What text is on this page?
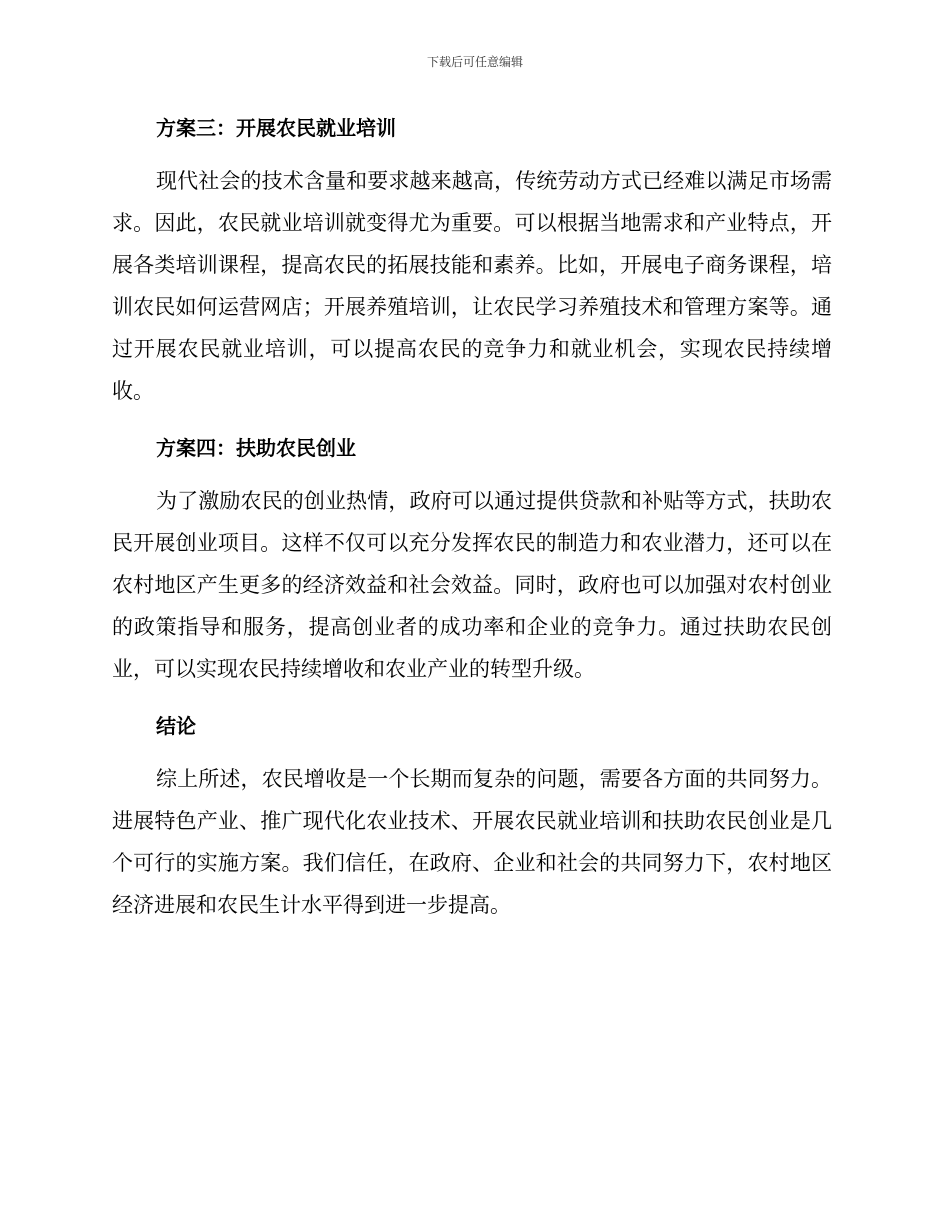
下载后可任意编辑
方案三：开展农民就业培训

现代社会的技术含量和要求越来越高，传统劳动方式已经难以满足市场需求。因此，农民就业培训就变得尤为重要。可以根据当地需求和产业特点，开展各类培训课程，提高农民的拓展技能和素养。比如，开展电子商务课程，培训农民如何运营网店；开展养殖培训，让农民学习养殖技术和管理方案等。通过开展农民就业培训，可以提高农民的竞争力和就业机会，实现农民持续增收。

方案四：扶助农民创业

为了激励农民的创业热情，政府可以通过提供贷款和补贴等方式，扶助农民开展创业项目。这样不仅可以充分发挥农民的制造力和农业潜力，还可以在农村地区产生更多的经济效益和社会效益。同时，政府也可以加强对农村创业的政策指导和服务，提高创业者的成功率和企业的竞争力。通过扶助农民创业，可以实现农民持续增收和农业产业的转型升级。

结论

综上所述，农民增收是一个长期而复杂的问题，需要各方面的共同努力。进展特色产业、推广现代化农业技术、开展农民就业培训和扶助农民创业是几个可行的实施方案。我们信任，在政府、企业和社会的共同努力下，农村地区经济进展和农民生计水平得到进一步提高。
